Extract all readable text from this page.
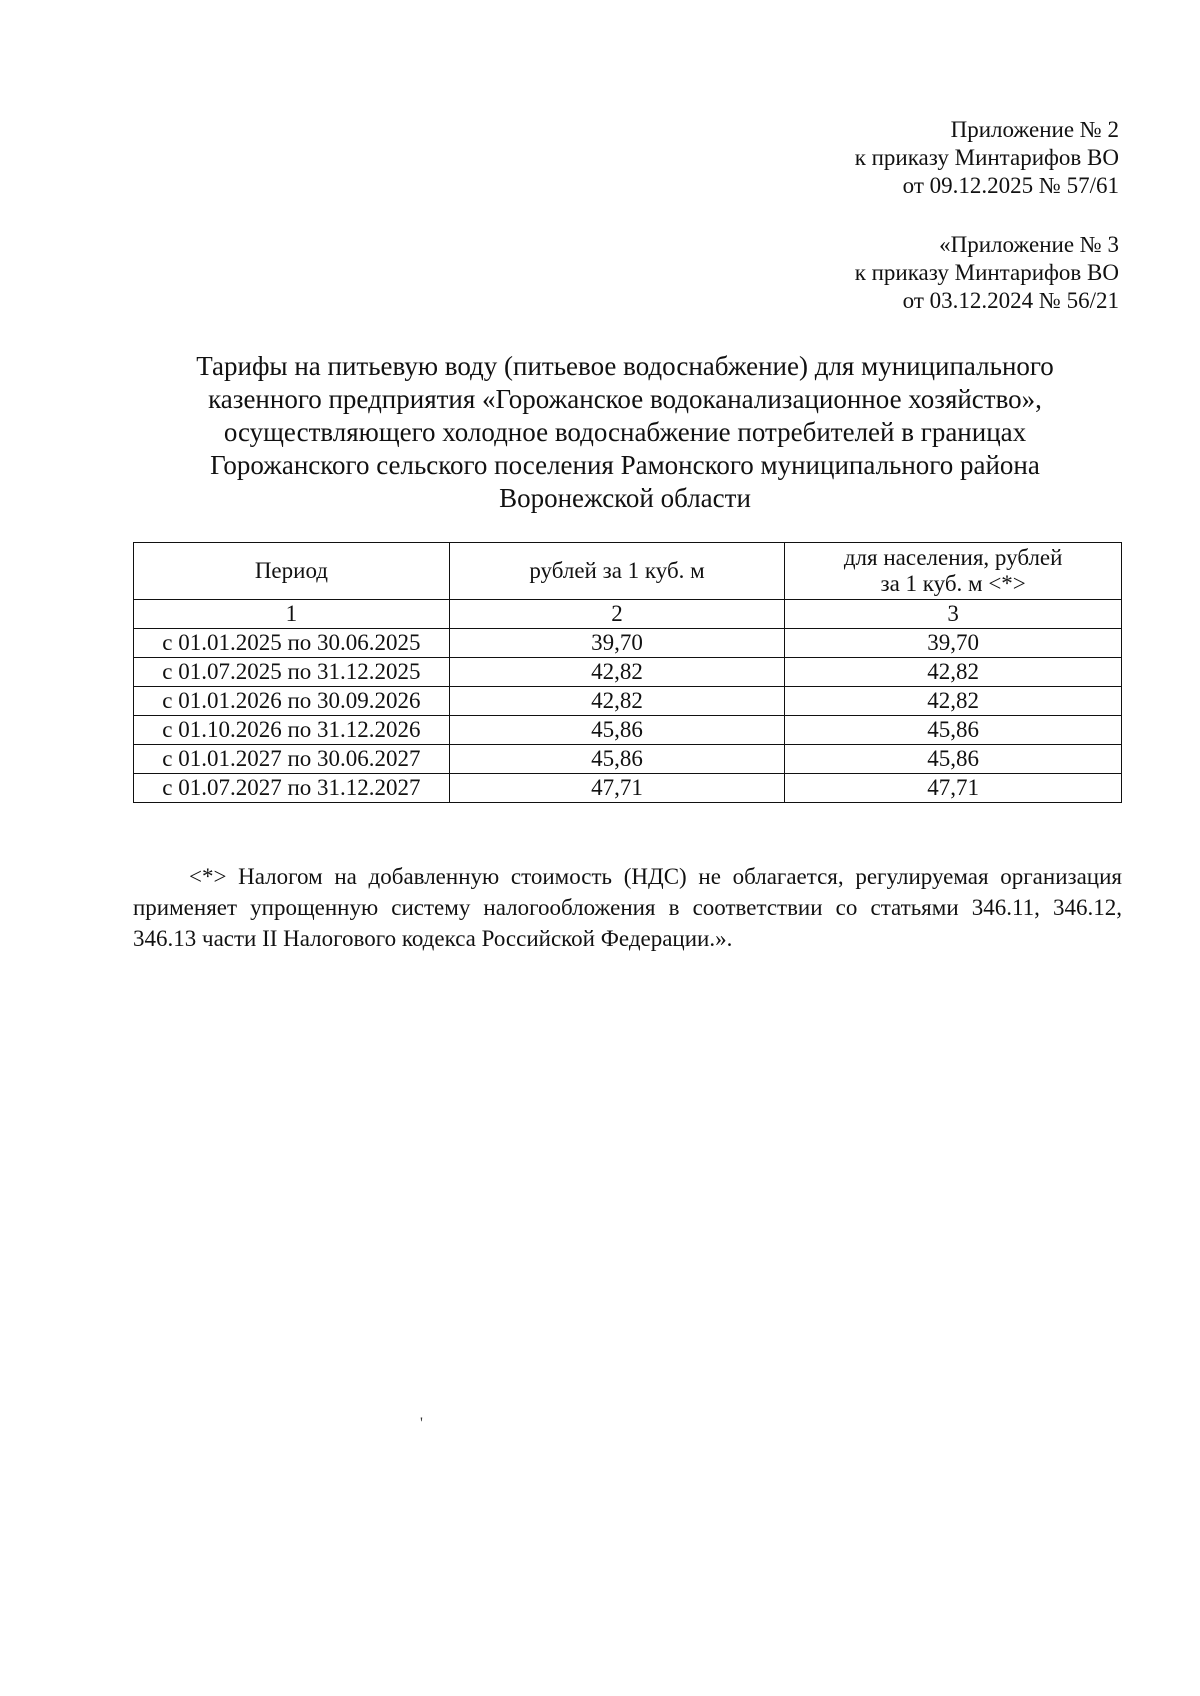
Приложение № 2
к приказу Минтарифов ВО
от 09.12.2025 № 57/61
«Приложение № 3
к приказу Минтарифов ВО
от 03.12.2024 № 56/21
Тарифы на питьевую воду (питьевое водоснабжение) для муниципального
казенного предприятия «Горожанское водоканализационное хозяйство»,
осуществляющего холодное водоснабжение потребителей в границах
Горожанского сельского поселения Рамонского муниципального района
Воронежской области
Период	рублей за 1 куб. м	для населения, рублей
за 1 куб. м <*>

1	2	3
с 01.01.2025 по 30.06.2025	39,70	39,70
с 01.07.2025 по 31.12.2025	42,82	42,82
с 01.01.2026 по 30.09.2026	42,82	42,82
с 01.10.2026 по 31.12.2026	45,86	45,86
с 01.01.2027 по 30.06.2027	45,86	45,86
с 01.07.2027 по 31.12.2027	47,71	47,71

<*> Налогом на добавленную стоимость (НДС) не облагается, регулируемая организация применяет упрощенную систему налогообложения в соответствии со статьями 346.11, 346.12, 346.13 части II Налогового кодекса Российской Федерации.».

'
